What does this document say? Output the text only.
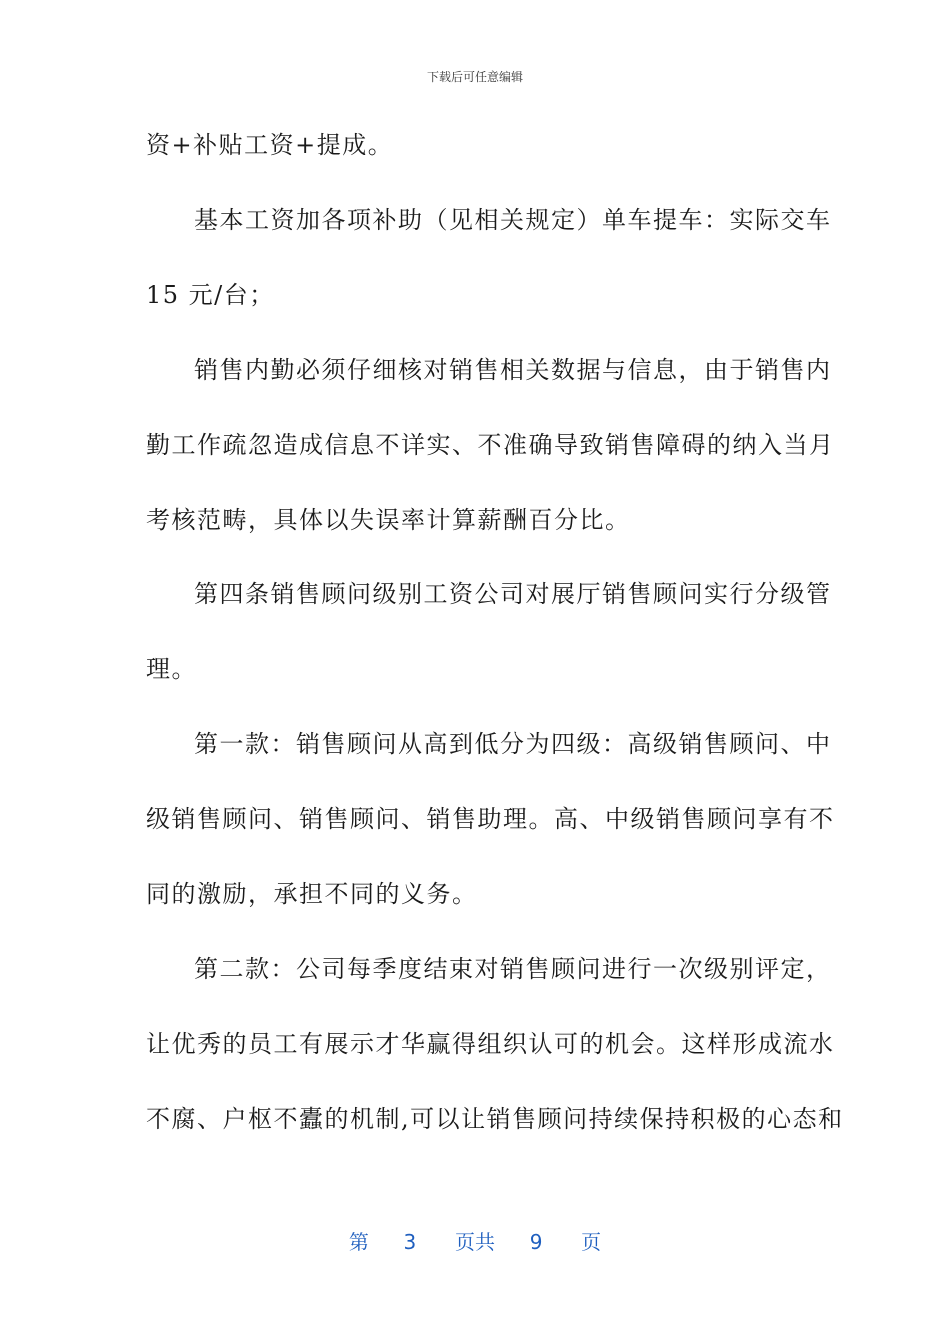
下载后可任意编辑
资+补贴工资+提成。
基本工资加各项补助（见相关规定）单车提车：实际交车
15 元/台；
销售内勤必须仔细核对销售相关数据与信息，由于销售内
勤工作疏忽造成信息不详实、不准确导致销售障碍的纳入当月
考核范畴，具体以失误率计算薪酬百分比。
第四条销售顾问级别工资公司对展厅销售顾问实行分级管
理。
第一款：销售顾问从高到低分为四级：高级销售顾问、中
级销售顾问、销售顾问、销售助理。高、中级销售顾问享有不
同的激励，承担不同的义务。
第二款：公司每季度结束对销售顾问进行一次级别评定，
让优秀的员工有展示才华赢得组织认可的机会。这样形成流水
不腐、户枢不蠹的机制,可以让销售顾问持续保持积极的心态和
第 3 页共 9 页
